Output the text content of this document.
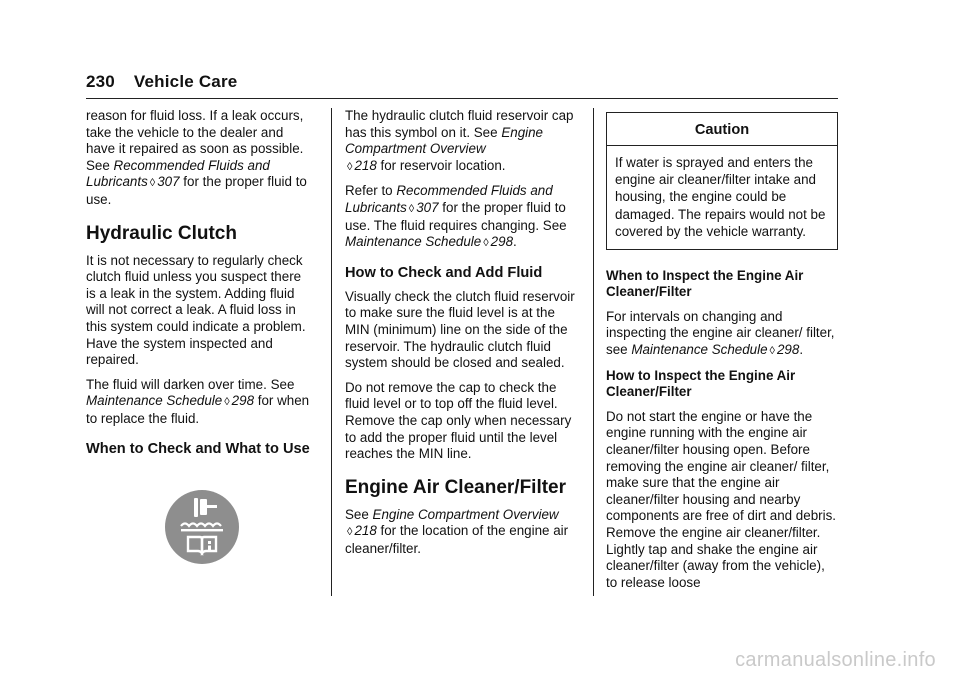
230 Vehicle Care

reason for fluid loss. If a leak occurs, take the vehicle to the dealer and have it repaired as soon as possible. See Recommended Fluids and Lubricants ◊ 307 for the proper fluid to use.

Hydraulic Clutch

It is not necessary to regularly check clutch fluid unless you suspect there is a leak in the system. Adding fluid will not correct a leak. A fluid loss in this system could indicate a problem. Have the system inspected and repaired.

The fluid will darken over time. See Maintenance Schedule ◊ 298 for when to replace the fluid.

When to Check and What to Use

The hydraulic clutch fluid reservoir cap has this symbol on it. See Engine Compartment Overview
◊ 218 for reservoir location.

Refer to Recommended Fluids and Lubricants ◊ 307 for the proper fluid to use. The fluid requires changing. See Maintenance Schedule ◊ 298.

How to Check and Add Fluid

Visually check the clutch fluid reservoir to make sure the fluid level is at the MIN (minimum) line on the side of the reservoir. The hydraulic clutch fluid system should be closed and sealed.

Do not remove the cap to check the fluid level or to top off the fluid level. Remove the cap only when necessary to add the proper fluid until the level reaches the MIN line.

Engine Air Cleaner/Filter

See Engine Compartment Overview
◊ 218 for the location of the engine air cleaner/filter.

Caution
If water is sprayed and enters the engine air cleaner/filter intake and housing, the engine could be damaged. The repairs would not be covered by the vehicle warranty.
When to Inspect the Engine Air Cleaner/Filter

For intervals on changing and inspecting the engine air cleaner/ filter, see Maintenance Schedule ◊ 298.

How to Inspect the Engine Air Cleaner/Filter

Do not start the engine or have the engine running with the engine air cleaner/filter housing open. Before removing the engine air cleaner/ filter, make sure that the engine air cleaner/filter housing and nearby components are free of dirt and debris. Remove the engine air cleaner/filter. Lightly tap and shake the engine air cleaner/filter (away from the vehicle), to release loose

carmanualsonline.info
